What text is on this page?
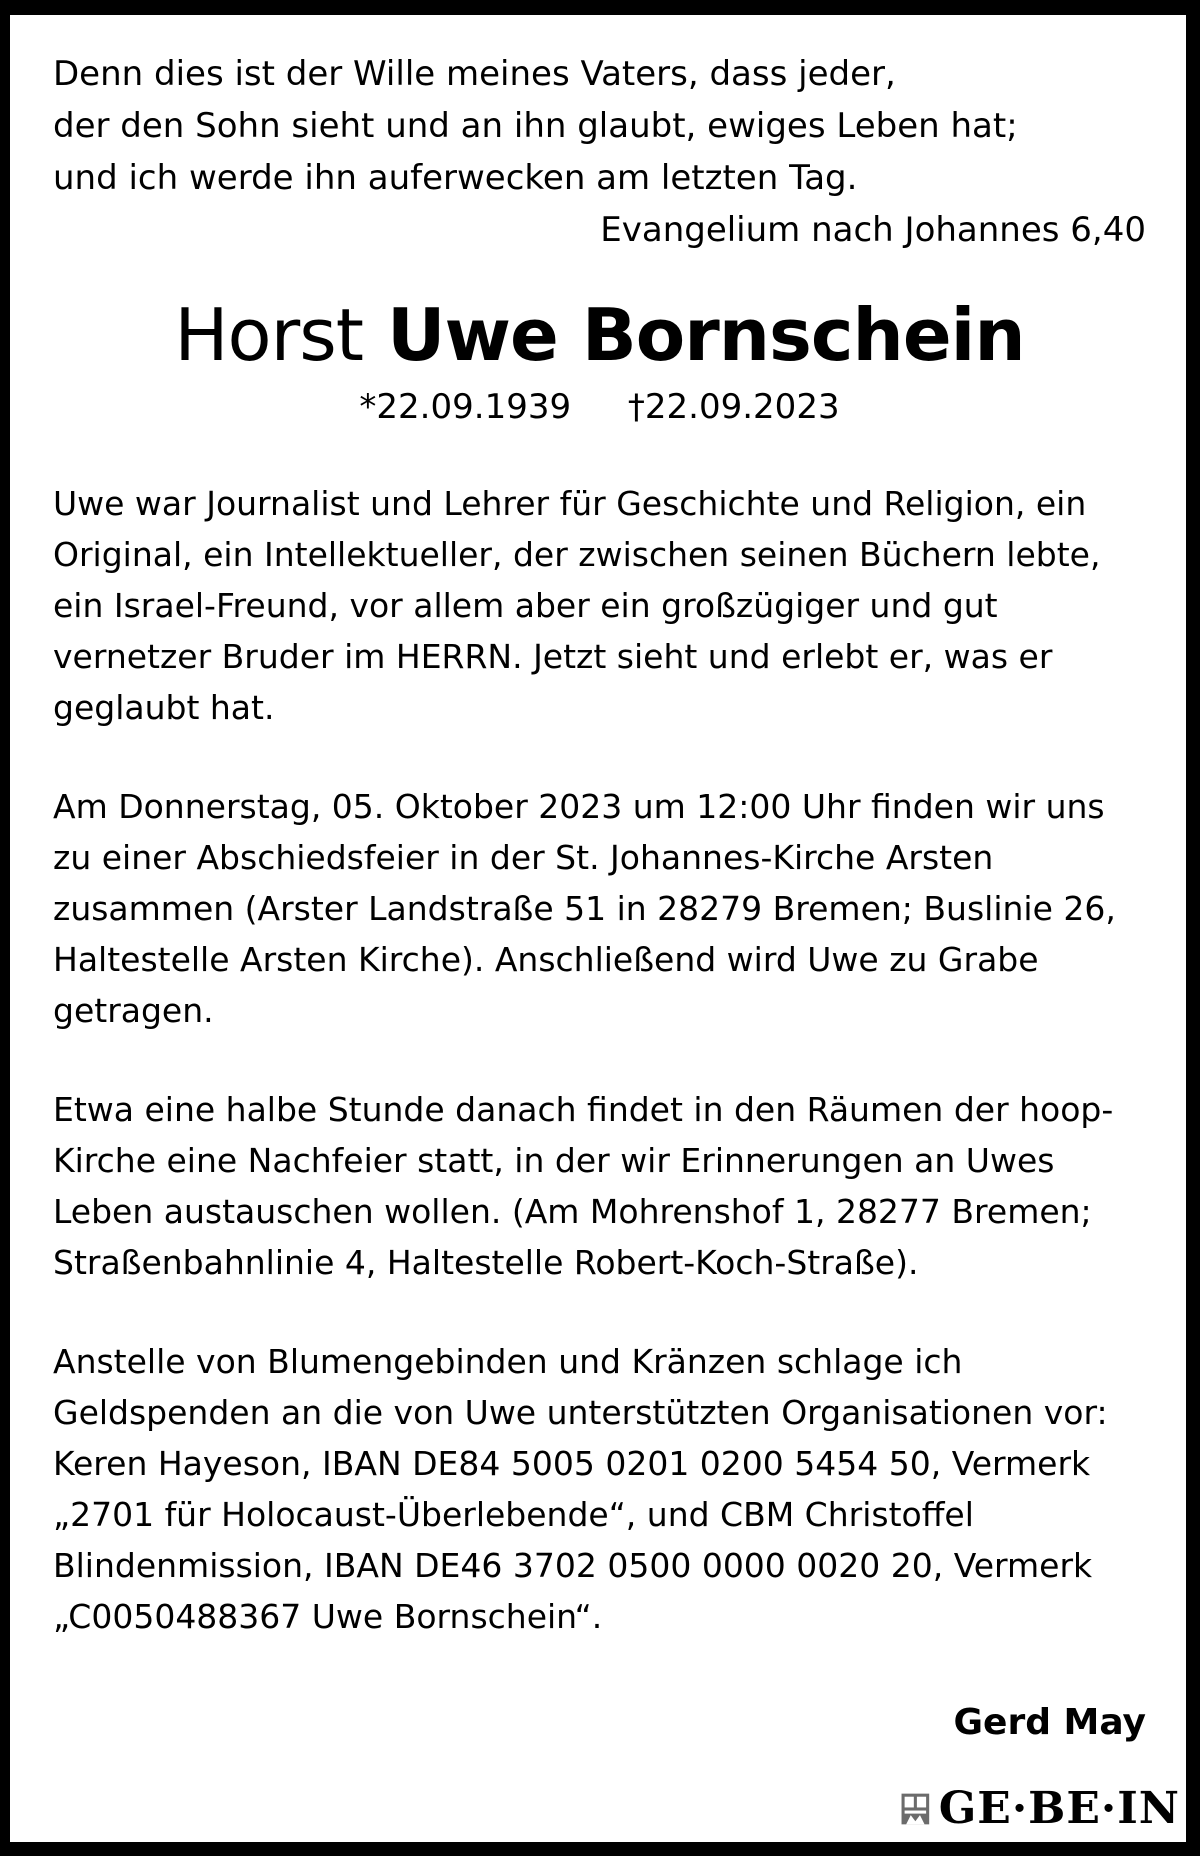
Denn dies ist der Wille meines Vaters, dass jeder,
der den Sohn sieht und an ihn glaubt, ewiges Leben hat;
und ich werde ihn auferwecken am letzten Tag.

Evangelium nach Johannes 6,40

Horst Uwe Bornschein
*22.09.1939 †22.09.2023

Uwe war Journalist und Lehrer für Geschichte und Religion, ein Original, ein Intellektueller, der zwischen seinen Büchern lebte, ein Israel-Freund, vor allem aber ein großzügiger und gut vernetzer Bruder im HERRN. Jetzt sieht und erlebt er, was er geglaubt hat.

Am Donnerstag, 05. Oktober 2023 um 12:00 Uhr finden wir uns zu einer Abschiedsfeier in der St. Johannes-Kirche Arsten zusammen (Arster Landstraße 51 in 28279 Bremen; Buslinie 26, Haltestelle Arsten Kirche). Anschließend wird Uwe zu Grabe getragen.

Etwa eine halbe Stunde danach findet in den Räumen der hoop-Kirche eine Nachfeier statt, in der wir Erinnerungen an Uwes Leben austauschen wollen. (Am Mohrenshof 1, 28277 Bremen; Straßenbahnlinie 4, Haltestelle Robert-Koch-Straße).

Anstelle von Blumengebinden und Kränzen schlage ich Geldspenden an die von Uwe unterstützten Organisationen vor: Keren Hayeson, IBAN DE84 5005 0201 0200 5454 50, Vermerk „2701 für Holocaust-Überlebende“, und CBM Christoffel Blindenmission, IBAN DE46 3702 0500 0000 0020 20, Vermerk „C0050488367 Uwe Bornschein“.

Gerd May

GE·BE·IN
